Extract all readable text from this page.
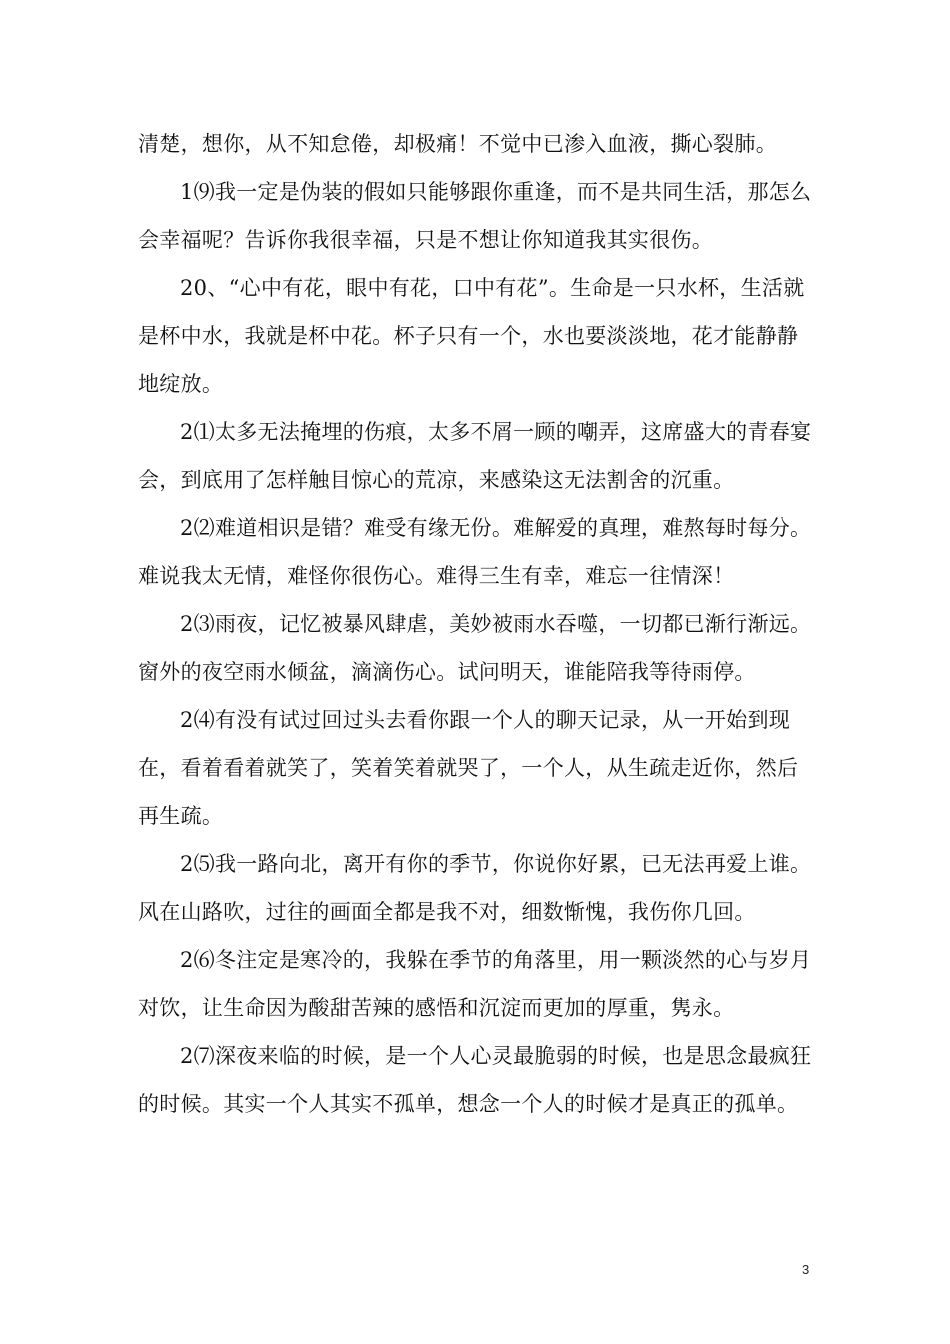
清楚，想你，从不知怠倦，却极痛！不觉中已渗入血液，撕心裂肺。

1⑼我一定是伪装的假如只能够跟你重逢，而不是共同生活，那怎么会幸福呢？告诉你我很幸福，只是不想让你知道我其实很伤。

20、“心中有花，眼中有花，口中有花”。生命是一只水杯，生活就是杯中水，我就是杯中花。杯子只有一个，水也要淡淡地，花才能静静地绽放。

2⑴太多无法掩埋的伤痕，太多不屑一顾的嘲弄，这席盛大的青春宴会，到底用了怎样触目惊心的荒凉，来感染这无法割舍的沉重。

2⑵难道相识是错？难受有缘无份。难解爱的真理，难熬每时每分。难说我太无情，难怪你很伤心。难得三生有幸，难忘一往情深！

2⑶雨夜，记忆被暴风肆虐，美妙被雨水吞噬，一切都已渐行渐远。窗外的夜空雨水倾盆，滴滴伤心。试问明天，谁能陪我等待雨停。

2⑷有没有试过回过头去看你跟一个人的聊天记录，从一开始到现在，看着看着就笑了，笑着笑着就哭了，一个人，从生疏走近你，然后再生疏。

2⑸我一路向北，离开有你的季节，你说你好累，已无法再爱上谁。风在山路吹，过往的画面全都是我不对，细数惭愧，我伤你几回。

2⑹冬注定是寒冷的，我躲在季节的角落里，用一颗淡然的心与岁月对饮，让生命因为酸甜苦辣的感悟和沉淀而更加的厚重，隽永。

2⑺深夜来临的时候，是一个人心灵最脆弱的时候，也是思念最疯狂的时候。其实一个人其实不孤单，想念一个人的时候才是真正的孤单。

3
